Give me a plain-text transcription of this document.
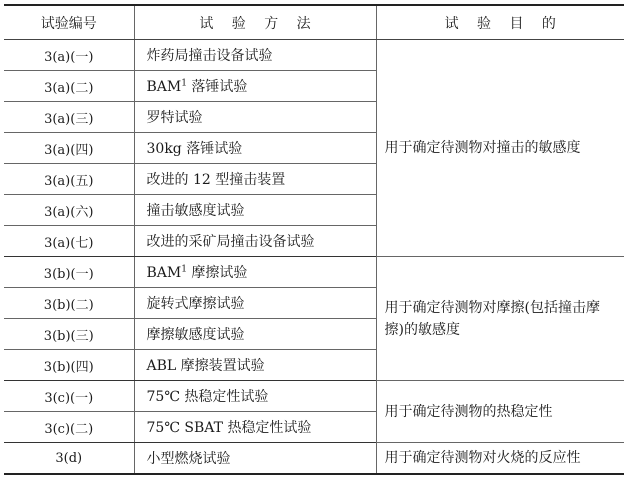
试验编号	试 验 方 法	试 验 目 的
3(a)(一)	炸药局撞击设备试验	用于确定待测物对撞击的敏感度
3(a)(二)	BAM$^1$ 落锤试验	
3(a)(三)	罗特试验	
3(a)(四)	30kg 落锤试验	
3(a)(五)	改进的 12 型撞击装置	
3(a)(六)	撞击敏感度试验	
3(a)(七)	改进的采矿局撞击设备试验	
3(b)(一)	BAM$^1$ 摩擦试验	用于确定待测物对摩擦(包括撞击摩擦)的敏感度
3(b)(二)	旋转式摩擦试验	
3(b)(三)	摩擦敏感度试验	
3(b)(四)	ABL 摩擦装置试验	
3(c)(一)	75℃ 热稳定性试验	用于确定待测物的热稳定性
3(c)(二)	75℃ SBAT 热稳定性试验	
3(d)	小型燃烧试验	用于确定待测物对火烧的反应性
